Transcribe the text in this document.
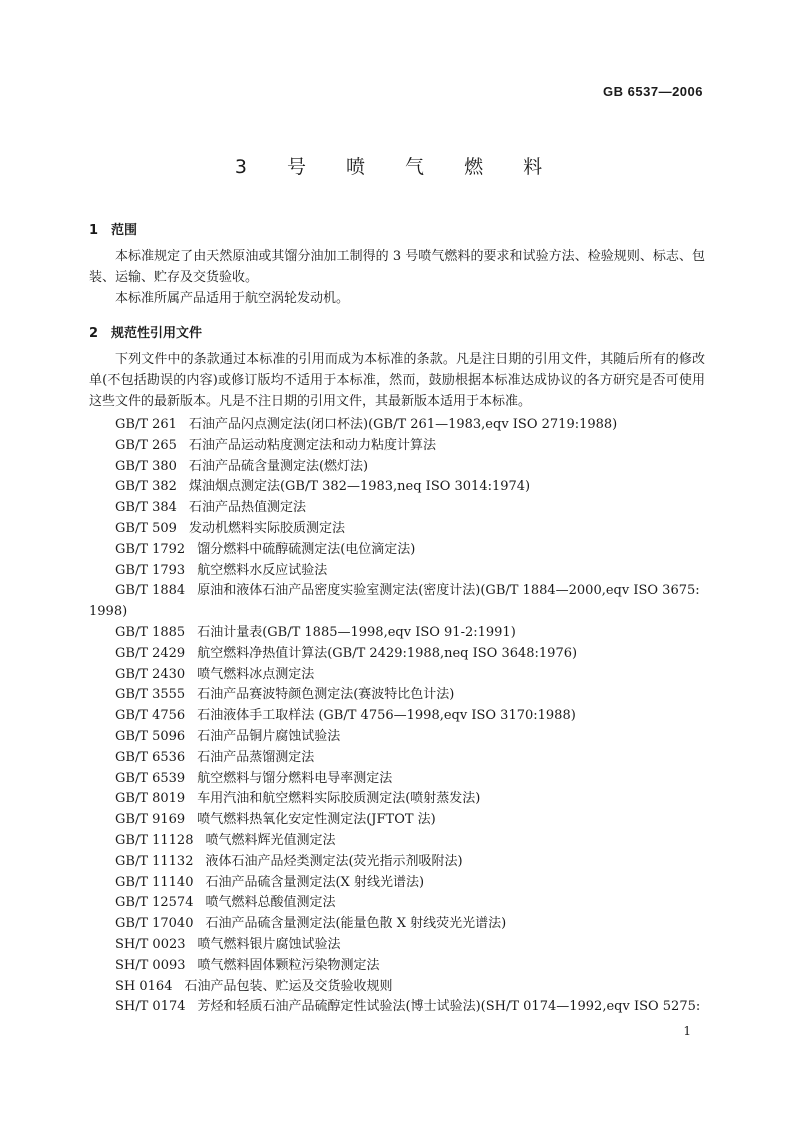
GB 6537—2006
3 号 喷 气 燃 料
1 范围
本标准规定了由天然原油或其馏分油加工制得的 3 号喷气燃料的要求和试验方法、检验规则、标志、包装、运输、贮存及交货验收。
本标准所属产品适用于航空涡轮发动机。
2 规范性引用文件
下列文件中的条款通过本标准的引用而成为本标准的条款。凡是注日期的引用文件，其随后所有的修改单(不包括勘误的内容)或修订版均不适用于本标准，然而，鼓励根据本标准达成协议的各方研究是否可使用这些文件的最新版本。凡是不注日期的引用文件，其最新版本适用于本标准。
GB/T 261 石油产品闪点测定法(闭口杯法)(GB/T 261—1983,eqv ISO 2719:1988)
GB/T 265 石油产品运动粘度测定法和动力粘度计算法
GB/T 380 石油产品硫含量测定法(燃灯法)
GB/T 382 煤油烟点测定法(GB/T 382—1983,neq ISO 3014:1974)
GB/T 384 石油产品热值测定法
GB/T 509 发动机燃料实际胶质测定法
GB/T 1792 馏分燃料中硫醇硫测定法(电位滴定法)
GB/T 1793 航空燃料水反应试验法
GB/T 1884 原油和液体石油产品密度实验室测定法(密度计法)(GB/T 1884—2000,eqv ISO 3675:
1998)
GB/T 1885 石油计量表(GB/T 1885—1998,eqv ISO 91-2:1991)
GB/T 2429 航空燃料净热值计算法(GB/T 2429:1988,neq ISO 3648:1976)
GB/T 2430 喷气燃料冰点测定法
GB/T 3555 石油产品赛波特颜色测定法(赛波特比色计法)
GB/T 4756 石油液体手工取样法 (GB/T 4756—1998,eqv ISO 3170:1988)
GB/T 5096 石油产品铜片腐蚀试验法
GB/T 6536 石油产品蒸馏测定法
GB/T 6539 航空燃料与馏分燃料电导率测定法
GB/T 8019 车用汽油和航空燃料实际胶质测定法(喷射蒸发法)
GB/T 9169 喷气燃料热氧化安定性测定法(JFTOT 法)
GB/T 11128 喷气燃料辉光值测定法
GB/T 11132 液体石油产品烃类测定法(荧光指示剂吸附法)
GB/T 11140 石油产品硫含量测定法(X 射线光谱法)
GB/T 12574 喷气燃料总酸值测定法
GB/T 17040 石油产品硫含量测定法(能量色散 X 射线荧光光谱法)
SH/T 0023 喷气燃料银片腐蚀试验法
SH/T 0093 喷气燃料固体颗粒污染物测定法
SH 0164 石油产品包装、贮运及交货验收规则
SH/T 0174 芳烃和轻质石油产品硫醇定性试验法(博士试验法)(SH/T 0174—1992,eqv ISO 5275:
1
